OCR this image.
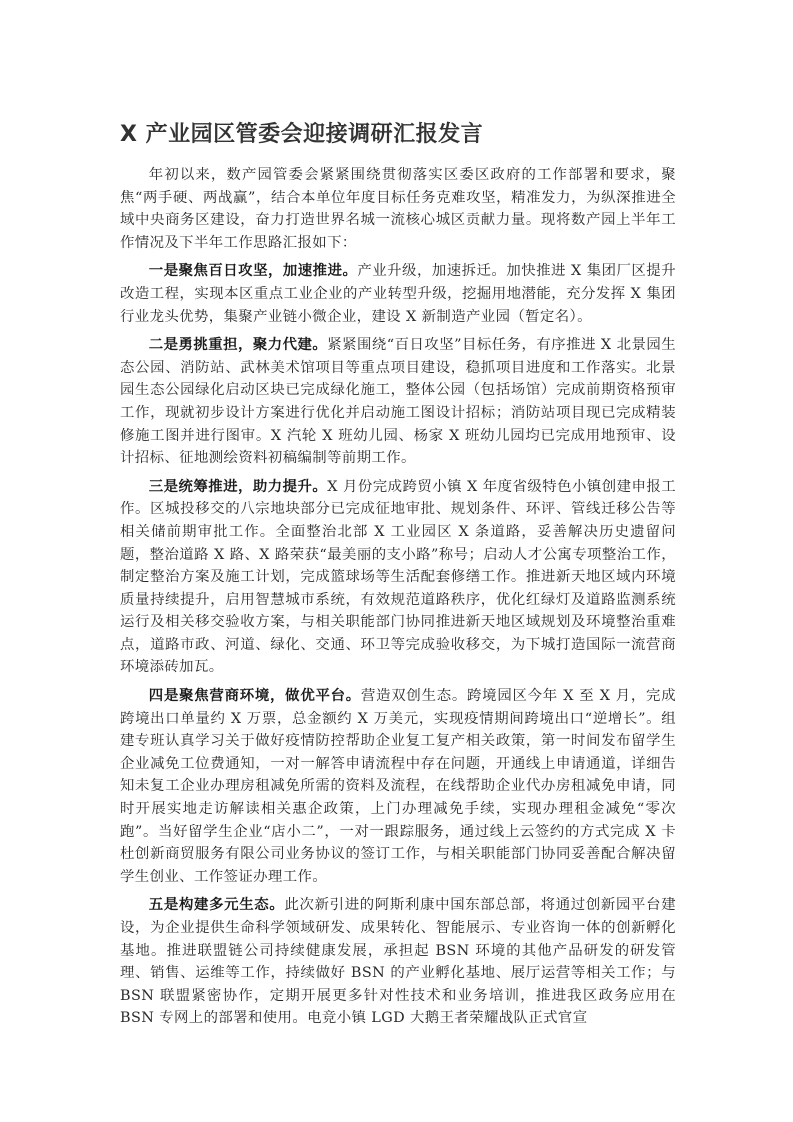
X 产业园区管委会迎接调研汇报发言

年初以来，数产园管委会紧紧围绕贯彻落实区委区政府的工作部署和要求，聚焦“两手硬、两战赢”，结合本单位年度目标任务克难攻坚，精准发力，为纵深推进全域中央商务区建设，奋力打造世界名城一流核心城区贡献力量。现将数产园上半年工作情况及下半年工作思路汇报如下：

一是聚焦百日攻坚，加速推进。产业升级，加速拆迁。加快推进 X 集团厂区提升改造工程，实现本区重点工业企业的产业转型升级，挖掘用地潜能，充分发挥 X 集团行业龙头优势，集聚产业链小微企业，建设 X 新制造产业园（暂定名）。

二是勇挑重担，聚力代建。紧紧围绕“百日攻坚”目标任务，有序推进 X 北景园生态公园、消防站、武林美术馆项目等重点项目建设，稳抓项目进度和工作落实。北景园生态公园绿化启动区块已完成绿化施工，整体公园（包括场馆）完成前期资格预审工作，现就初步设计方案进行优化并启动施工图设计招标；消防站项目现已完成精装修施工图并进行图审。X 汽轮 X 班幼儿园、杨家 X 班幼儿园均已完成用地预审、设计招标、征地测绘资料初稿编制等前期工作。

三是统筹推进，助力提升。X 月份完成跨贸小镇 X 年度省级特色小镇创建申报工作。区城投移交的八宗地块部分已完成征地审批、规划条件、环评、管线迁移公告等相关储前期审批工作。全面整治北部 X 工业园区 X 条道路，妥善解决历史遗留问题，整治道路 X 路、X 路荣获“最美丽的支小路”称号；启动人才公寓专项整治工作，制定整治方案及施工计划，完成篮球场等生活配套修缮工作。推进新天地区域内环境质量持续提升，启用智慧城市系统，有效规范道路秩序，优化红绿灯及道路监测系统运行及相关移交验收方案，与相关职能部门协同推进新天地区域规划及环境整治重难点，道路市政、河道、绿化、交通、环卫等完成验收移交，为下城打造国际一流营商环境添砖加瓦。

四是聚焦营商环境，做优平台。营造双创生态。跨境园区今年 X 至 X 月，完成跨境出口单量约 X 万票，总金额约 X 万美元，实现疫情期间跨境出口“逆增长”。组建专班认真学习关于做好疫情防控帮助企业复工复产相关政策，第一时间发布留学生企业减免工位费通知，一对一解答申请流程中存在问题，开通线上申请通道，详细告知未复工企业办理房租减免所需的资料及流程，在线帮助企业代办房租减免申请，同时开展实地走访解读相关惠企政策，上门办理减免手续，实现办理租金减免“零次跑”。当好留学生企业“店小二”，一对一跟踪服务，通过线上云签约的方式完成 X 卡杜创新商贸服务有限公司业务协议的签订工作，与相关职能部门协同妥善配合解决留学生创业、工作签证办理工作。

五是构建多元生态。此次新引进的阿斯利康中国东部总部，将通过创新园平台建设，为企业提供生命科学领域研发、成果转化、智能展示、专业咨询一体的创新孵化基地。推进联盟链公司持续健康发展，承担起 BSN 环境的其他产品研发的研发管理、销售、运维等工作，持续做好 BSN 的产业孵化基地、展厅运营等相关工作；与 BSN 联盟紧密协作，定期开展更多针对性技术和业务培训，推进我区政务应用在 BSN 专网上的部署和使用。电竞小镇 LGD 大鹅王者荣耀战队正式官宣
